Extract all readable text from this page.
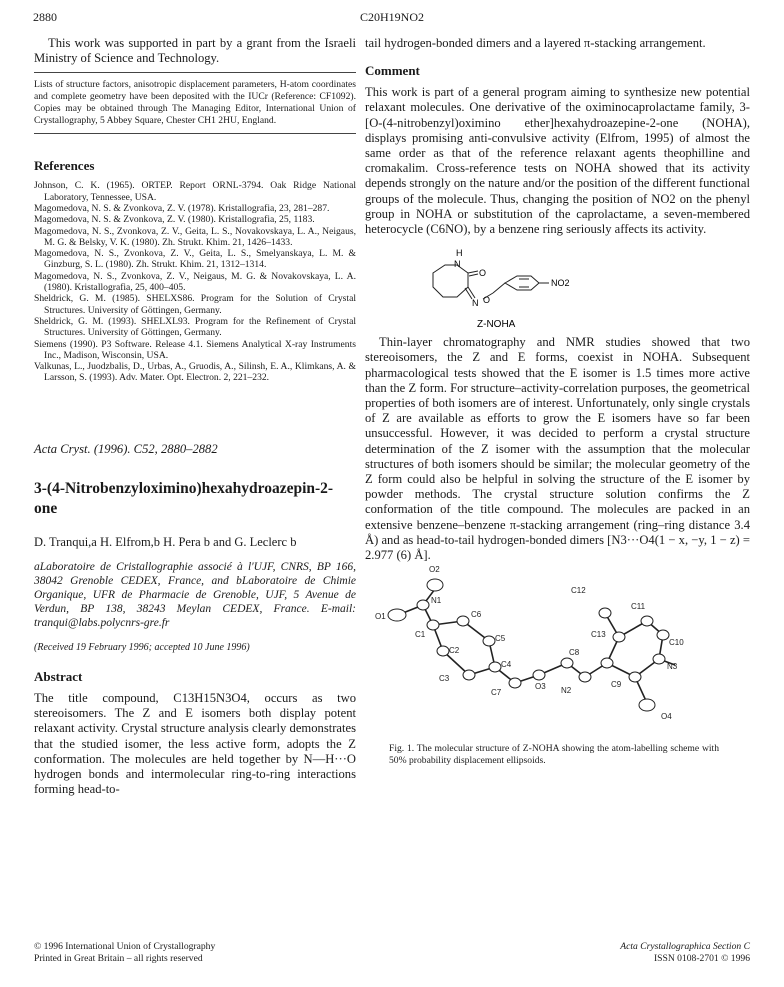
2880	C20H19NO2

This work was supported in part by a grant from the Israeli Ministry of Science and Technology.

Lists of structure factors, anisotropic displacement parameters, H-atom coordinates and complete geometry have been deposited with the IUCr (Reference: CF1092). Copies may be obtained through The Managing Editor, International Union of Crystallography, 5 Abbey Square, Chester CH1 2HU, England.

References
Johnson, C. K. (1965). ORTEP. Report ORNL-3794. Oak Ridge National Laboratory, Tennessee, USA.
Magomedova, N. S. & Zvonkova, Z. V. (1978). Kristallografia, 23, 281–287.
Magomedova, N. S. & Zvonkova, Z. V. (1980). Kristallografia, 25, 1183.
Magomedova, N. S., Zvonkova, Z. V., Geita, L. S., Novakovskaya, L. A., Neigaus, M. G. & Belsky, V. K. (1980). Zh. Strukt. Khim. 21, 1426–1433.
Magomedova, N. S., Zvonkova, Z. V., Geita, L. S., Smelyanskaya, L. M. & Ginzburg, S. L. (1980). Zh. Strukt. Khim. 21, 1312–1314.
Magomedova, N. S., Zvonkova, Z. V., Neigaus, M. G. & Novakovskaya, L. A. (1980). Kristallografia, 25, 400–405.
Sheldrick, G. M. (1985). SHELXS86. Program for the Solution of Crystal Structures. University of Göttingen, Germany.
Sheldrick, G. M. (1993). SHELXL93. Program for the Refinement of Crystal Structures. University of Göttingen, Germany.
Siemens (1990). P3 Software. Release 4.1. Siemens Analytical X-ray Instruments Inc., Madison, Wisconsin, USA.
Valkunas, L., Juodzbalis, D., Urbas, A., Gruodis, A., Silinsh, E. A., Klimkans, A. & Larsson, S. (1993). Adv. Mater. Opt. Electron. 2, 221–232.

Acta Cryst. (1996). C52, 2880–2882

3-(4-Nitrobenzyloximino)hexahydroazepin-2-one
D. Tranqui,a H. Elfrom,b H. Pera b and G. Leclerc b

aLaboratoire de Cristallographie associé à l'UJF, CNRS, BP 166, 38042 Grenoble CEDEX, France, and bLaboratoire de Chimie Organique, UFR de Pharmacie de Grenoble, UJF, 5 Avenue de Verdun, BP 138, 38243 Meylan CEDEX, France. E-mail: tranqui@labs.polycnrs-gre.fr

(Received 19 February 1996; accepted 10 June 1996)
Abstract

The title compound, C13H15N3O4, occurs as two stereoisomers. The Z and E isomers both display potent relaxant activity. Crystal structure analysis clearly demonstrates that the studied isomer, the less active form, adopts the Z conformation. The molecules are held together by N—H···O hydrogen bonds and intermolecular ring-to-ring interactions forming head-to-

tail hydrogen-bonded dimers and a layered π-stacking arrangement.

Comment

This work is part of a general program aiming to synthesize new potential relaxant molecules. One derivative of the oximinocaprolactame family, 3-[O-(4-nitrobenzyl)oximino ether]hexahydroazepine-2-one (NOHA), displays promising anti-convulsive activity (Elfrom, 1995) of almost the same order as that of the reference relaxant agents theophilline and cromakalim. Cross-reference tests on NOHA showed that its activity depends strongly on the nature and/or the position of the different functional groups of the molecule. Thus, changing the position of NO2 on the phenyl group in NOHA or substitution of the caprolactame, a seven-membered heterocycle (C6NO), by a benzene ring seriously affects its activity.

H
N
O
N O
NO2
Z-NOHA

Thin-layer chromatography and NMR studies showed that two stereoisomers, the Z and E forms, coexist in NOHA. Subsequent pharmacological tests showed that the E isomer is 1.5 times more active than the Z form. For structure–activity-correlation purposes, the geometrical properties of both isomers are of interest. Unfortunately, only single crystals of Z are available as efforts to grow the E isomers have so far been unsuccessful. However, it was decided to perform a crystal structure determination of the Z isomer with the assumption that the molecular structures of both isomers should be similar; the molecular geometry of the Z form could also be helpful in solving the structure of the E isomer by powder methods. The crystal structure solution confirms the Z conformation of the title compound. The molecules are packed in an extensive benzene–benzene π-stacking arrangement (ring–ring distance 3.4 Å) and as head-to-tail hydrogen-bonded dimers [N3···O4(1 − x, −y, 1 − z) = 2.977 (6) Å].

O2
N1
O1
C1
C6
C2
C5
C3
C4
C7
O3
C12
C11
C13
C8
C10
N3
C9
N2
O4
Fig. 1. The molecular structure of Z-NOHA showing the atom-labelling scheme with 50% probability displacement ellipsoids.
© 1996 International Union of Crystallography
Printed in Great Britain – all rights reserved
Acta Crystallographica Section C
ISSN 0108-2701 © 1996
